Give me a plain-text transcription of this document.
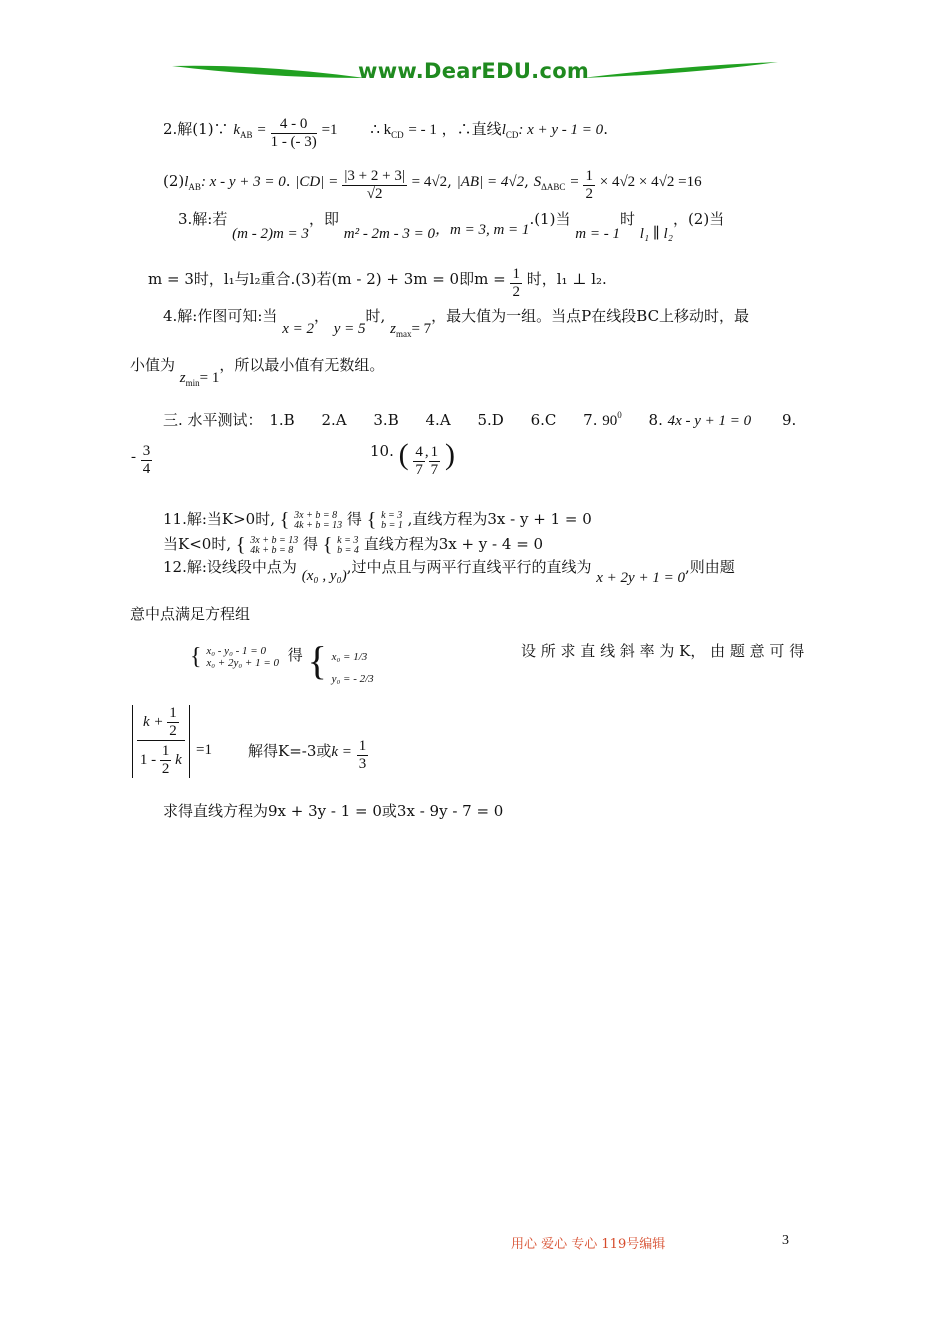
www.DearEDU.com
2.解(1)∵ $k_{AB} = \frac{4 - 0}{1 - (- 3)} =1$ ∴ $k_{CD}$ = - 1 ，∴直线$l_{CD}$: x + y - 1 = 0.
$(2)l_{AB}$: x - y + 3 = 0. $|CD| = \frac{|3 + 2 + 3|}{√2} = 4√2$, |AB| = 4√2, $S_{\Delta ABC} = \frac{1}{2} \times 4√2 \times 4√2 =16$
3.解:若 (m - 2)m = 3，即 m² - 2m - 3 = 0，m = 3, m = 1.(1)当 m = - 1时 l₁ ∥ l₂，(2)当
m = 3时，l₁与l₂重合.(3)若(m - 2) + 3m = 0即$m = \frac{1}{2}$ 时，l₁ ⊥ l₂.
4.解:作图可知:当 x = 2， y = 5时, $z_{max}= 7$，最大值为一组。当点P在线段BC上移动时，最
小值为 $z_{min}= 1$，所以最小值有无数组。
三. 水平测试： 1.B 2.A 3.B 4.A 5.D 6.C 7. $90^0$ 8. 4x - y + 1 = 0 9.
- $\frac{3}{4}$	10. ( $\frac{4}{7}$ , $\frac{1}{7}$ )
11.解:当K>0时, { 3x + b = 8
4k + b = 13 得 { k = 3
b = 1 ,直线方程为3x - y + 1 = 0
当K<0时, { 3x + b = 13
4k + b = 8 得 { k = 3
b = 4 直线方程为3x + y - 4 = 0
12.解:设线段中点为 (x₀ , y₀),过中点且与两平行直线平行的直线为 x + 2y + 1 = 0,则由题
意中点满足方程组
{ x₀ - y₀ - 1 = 0
x₀ + 2y₀ + 1 = 0 得 { x₀ = 1/3
y₀ = - 2/3
设 所 求 直 线 斜 率 为 K， 由 题 意 可 得
$\frac{k + \frac{1}{2}}{1 - \frac{1}{2} k} =1$ 解得K=-3或$k = \frac{1}{3}$
求得直线方程为9x + 3y - 1 = 0或3x - 9y - 7 = 0
用心 爱心 专心 119号编辑	3
